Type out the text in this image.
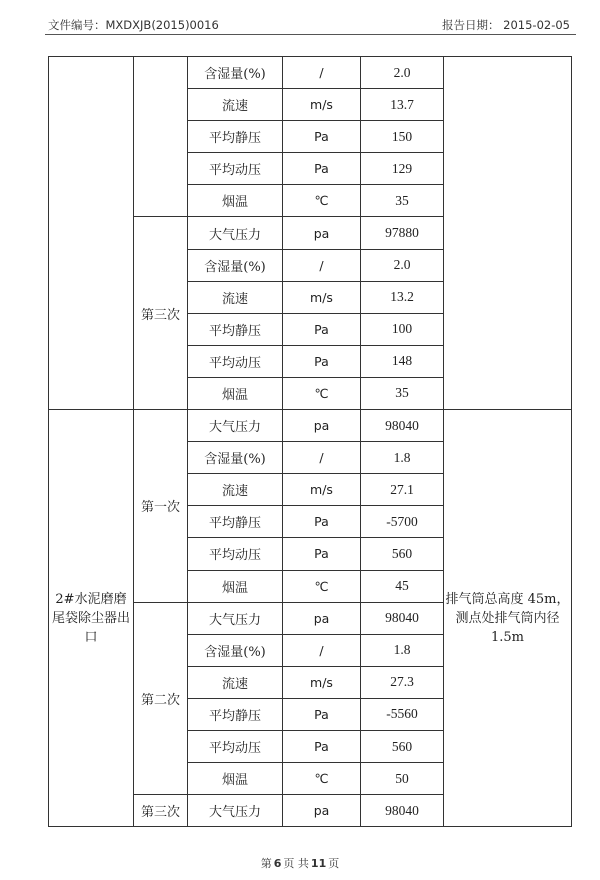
文件编号：MXDXJB(2015)0016	报告日期： 2015-02-05
		含湿量(%)	/	2.0	
		流速	m/s	13.7	
		平均静压	Pa	150	
		平均动压	Pa	129	
		烟温	℃	35	
	第三次	大气压力	pa	97880	
		含湿量(%)	/	2.0	
		流速	m/s	13.2	
		平均静压	Pa	100	
		平均动压	Pa	148	
		烟温	℃	35	
2#水泥磨磨尾袋除尘器出口	第一次	大气压力	pa	98040	排气筒总高度 45m，测点处排气筒内径 1.5m
		含湿量(%)	/	1.8	
		流速	m/s	27.1	
		平均静压	Pa	-5700	
		平均动压	Pa	560	
		烟温	℃	45	
	第二次	大气压力	pa	98040	
		含湿量(%)	/	1.8	
		流速	m/s	27.3	
		平均静压	Pa	-5560	
		平均动压	Pa	560	
		烟温	℃	50	
	第三次	大气压力	pa	98040	
第 6 页 共 11 页
